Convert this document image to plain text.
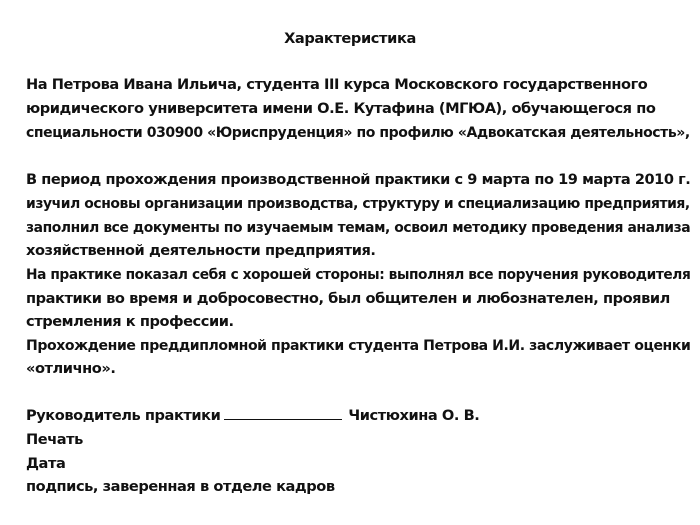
Характеристика
На Петрова Ивана Ильича, студента III курса Московского государственного
юридического университета имени О.Е. Кутафина (МГЮА), обучающегося по
специальности 030900 «Юриспруденция» по профилю «Адвокатская деятельность»,
В период прохождения производственной практики с 9 марта по 19 марта 2010 г.
изучил основы организации производства, структуру и специализацию предприятия,
заполнил все документы по изучаемым темам, освоил методику проведения анализа
хозяйственной деятельности предприятия.
На практике показал себя с хорошей стороны: выполнял все поручения руководителя
практики во время и добросовестно, был общителен и любознателен, проявил
стремления к профессии.
Прохождение преддипломной практики студента Петрова И.И. заслуживает оценки
«отлично».
Руководитель практики	Чистюхина О. В.
Печать
Дата
подпись, заверенная в отделе кадров
